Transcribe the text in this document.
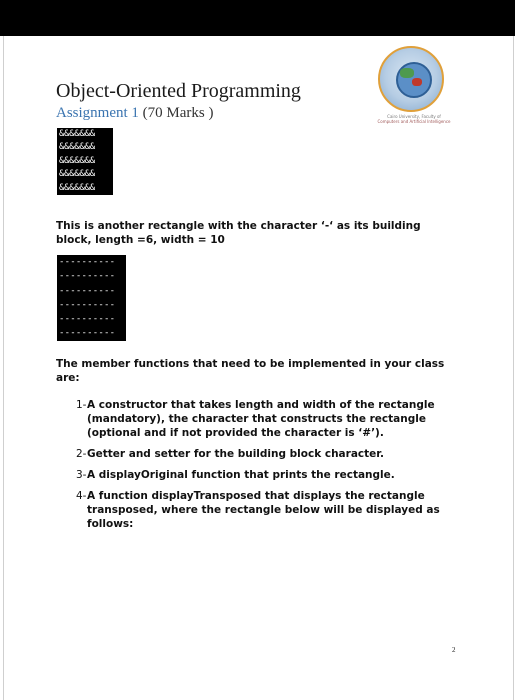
Object-Oriented Programming
Assignment 1 (70 Marks )	Cairo University, Faculty of
Computers and Artificial Intelligence
&&&&&&&
&&&&&&&
&&&&&&&
&&&&&&&
&&&&&&&

This is another rectangle with the character ‘-‘ as its building block, length =6, width = 10

----------
----------
----------
----------
----------
----------

The member functions that need to be implemented in your class are:

1- A constructor that takes length and width of the rectangle (mandatory), the character that constructs the rectangle (optional and if not provided the character is ‘#’).
2- Getter and setter for the building block character.
3- A displayOriginal function that prints the rectangle.
4- A function displayTransposed that displays the rectangle transposed, where the rectangle below will be displayed as follows:
2
